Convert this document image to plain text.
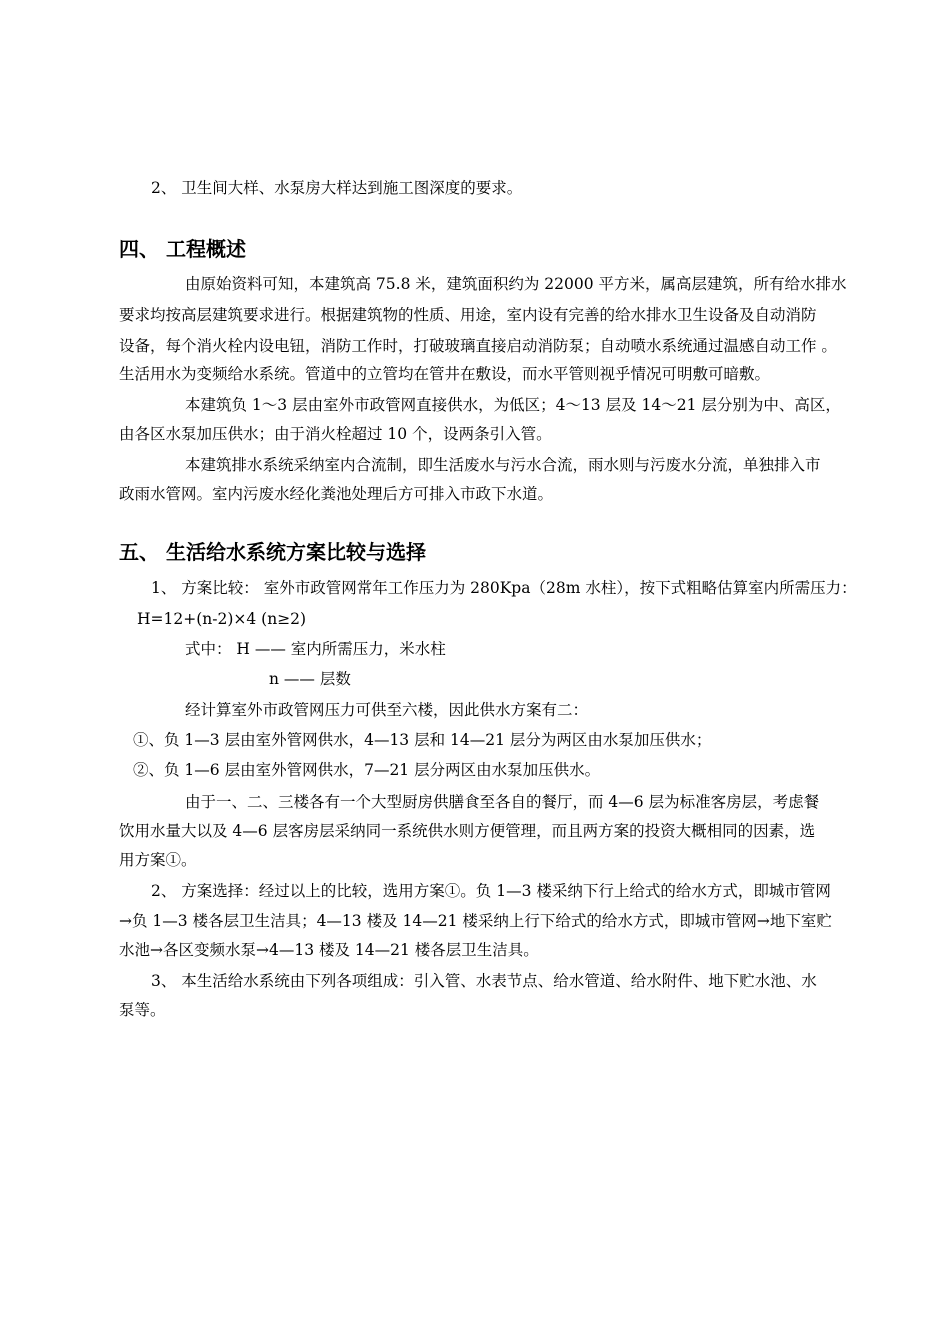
2、 卫生间大样、水泵房大样达到施工图深度的要求。
四、 工程概述
由原始资料可知，本建筑高 75.8 米，建筑面积约为 22000 平方米，属高层建筑，所有给水排水
要求均按高层建筑要求进行。根据建筑物的性质、用途，室内设有完善的给水排水卫生设备及自动消防
设备，每个消火栓内设电钮，消防工作时，打破玻璃直接启动消防泵；自动喷水系统通过温感自动工作 。
生活用水为变频给水系统。管道中的立管均在管井在敷设，而水平管则视乎情况可明敷可暗敷。
本建筑负 1～3 层由室外市政管网直接供水，为低区；4～13 层及 14～21 层分别为中、高区，
由各区水泵加压供水；由于消火栓超过 10 个，设两条引入管。
本建筑排水系统采纳室内合流制，即生活废水与污水合流，雨水则与污废水分流，单独排入市
政雨水管网。室内污废水经化粪池处理后方可排入市政下水道。
五、 生活给水系统方案比较与选择
1、 方案比较： 室外市政管网常年工作压力为 280Kpa（28m 水柱），按下式粗略估算室内所需压力：
H=12+(n-2)×4 (n≥2)
式中： H —— 室内所需压力，米水柱
n —— 层数
经计算室外市政管网压力可供至六楼，因此供水方案有二：
①、负 1—3 层由室外管网供水，4—13 层和 14—21 层分为两区由水泵加压供水；
②、负 1—6 层由室外管网供水，7—21 层分两区由水泵加压供水。
由于一、二、三楼各有一个大型厨房供膳食至各自的餐厅，而 4—6 层为标准客房层，考虑餐
饮用水量大以及 4—6 层客房层采纳同一系统供水则方便管理，而且两方案的投资大概相同的因素，选
用方案①。
2、 方案选择：经过以上的比较，选用方案①。负 1—3 楼采纳下行上给式的给水方式，即城市管网
→负 1—3 楼各层卫生洁具；4—13 楼及 14—21 楼采纳上行下给式的给水方式，即城市管网→地下室贮
水池→各区变频水泵→4—13 楼及 14—21 楼各层卫生洁具。
3、 本生活给水系统由下列各项组成：引入管、水表节点、给水管道、给水附件、地下贮水池、水
泵等。
